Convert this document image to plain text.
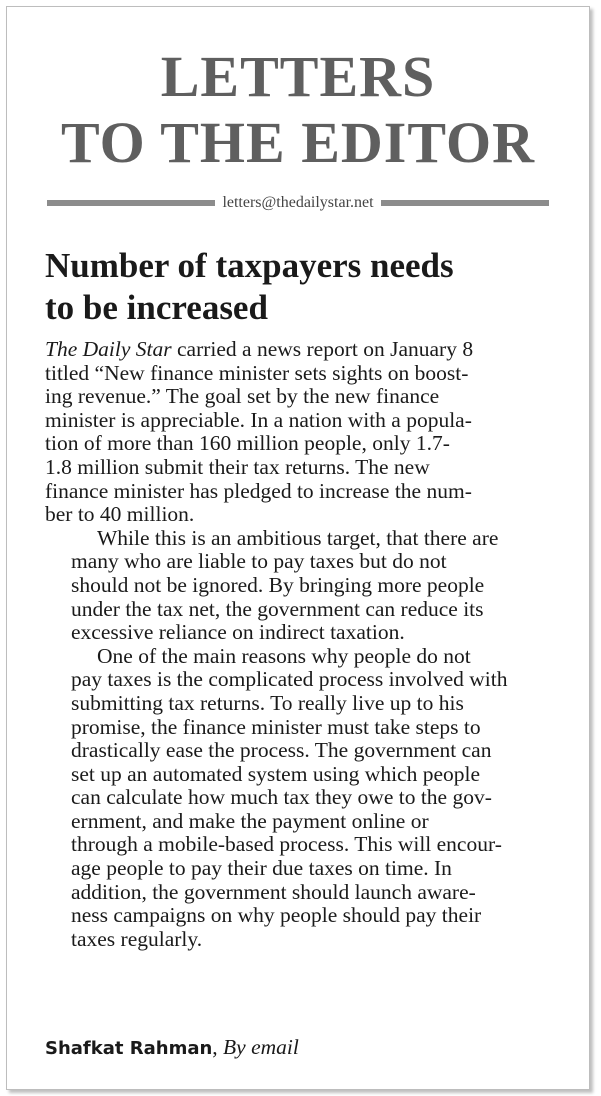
LETTERS
TO THE EDITOR
letters@thedailystar.net
Number of taxpayers needs
to be increased

The Daily Star carried a news report on January 8
titled “New finance minister sets sights on boost-
ing revenue.” The goal set by the new finance
minister is appreciable. In a nation with a popula-
tion of more than 160 million people, only 1.7-
1.8 million submit their tax returns. The new
finance minister has pledged to increase the num-
ber to 40 million.

While this is an ambitious target, that there are
many who are liable to pay taxes but do not
should not be ignored. By bringing more people
under the tax net, the government can reduce its
excessive reliance on indirect taxation.

One of the main reasons why people do not
pay taxes is the complicated process involved with
submitting tax returns. To really live up to his
promise, the finance minister must take steps to
drastically ease the process. The government can
set up an automated system using which people
can calculate how much tax they owe to the gov-
ernment, and make the payment online or
through a mobile-based process. This will encour-
age people to pay their due taxes on time. In
addition, the government should launch aware-
ness campaigns on why people should pay their
taxes regularly.

Shafkat Rahman, By email
